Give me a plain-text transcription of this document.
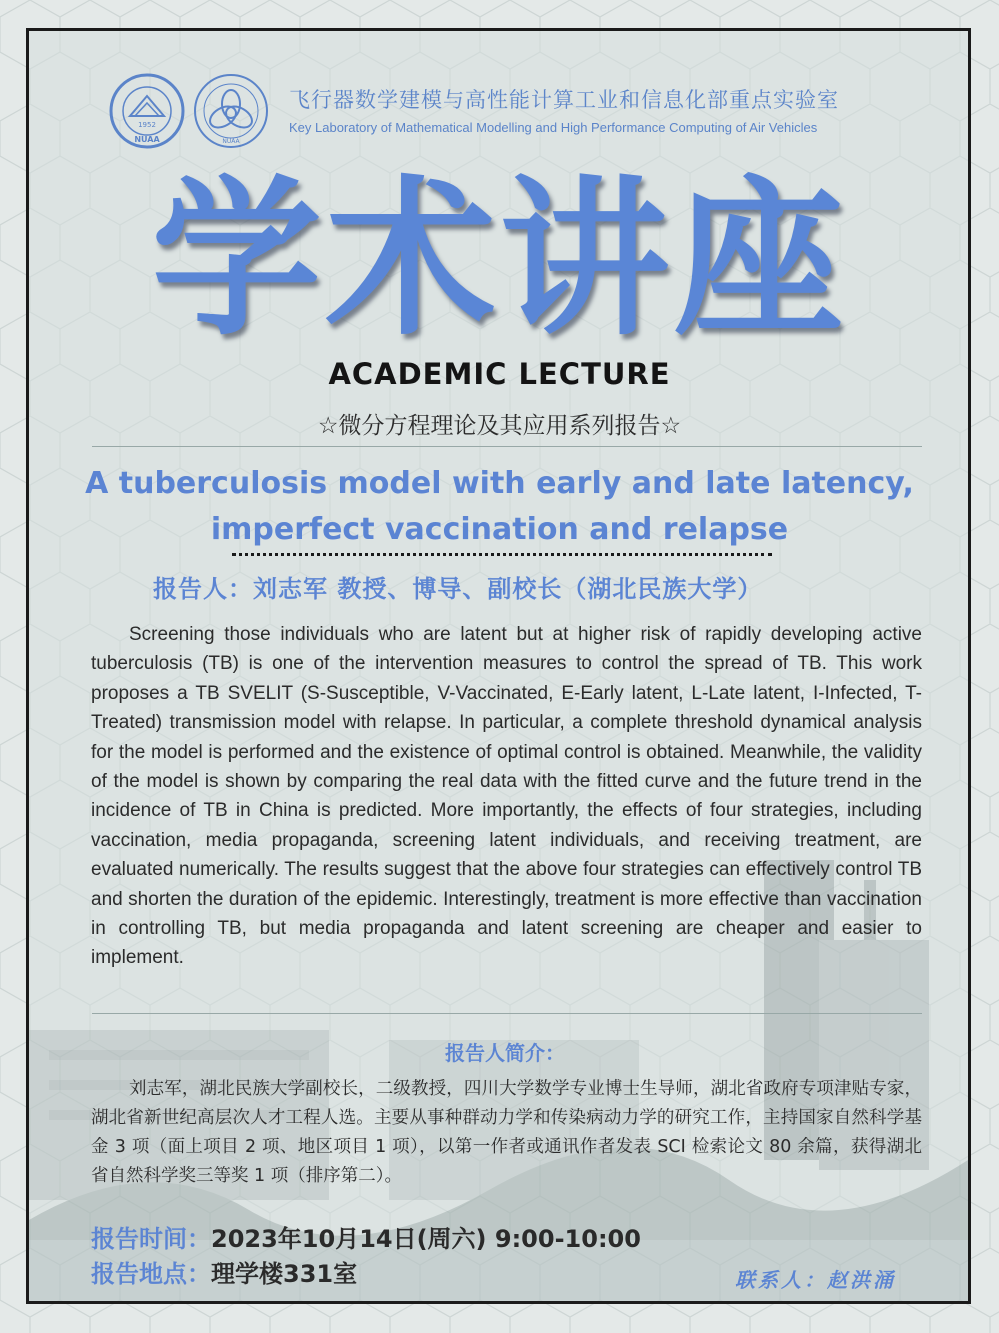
1952
NUAA	NUAA
飞行器数学建模与高性能计算工业和信息化部重点实验室
Key Laboratory of Mathematical Modelling and High Performance Computing of Air Vehicles
学术讲座
ACADEMIC LECTURE
☆微分方程理论及其应用系列报告☆
A tuberculosis model with early and late latency,
imperfect vaccination and relapse
报告人：刘志军 教授、博导、副校长（湖北民族大学）

Screening those individuals who are latent but at higher risk of rapidly developing active tuberculosis (TB) is one of the intervention measures to control the spread of TB. This work proposes a TB SVELIT (S-Susceptible, V-Vaccinated, E-Early latent, L-Late latent, I-Infected, T-Treated) transmission model with relapse. In particular, a complete threshold dynamical analysis for the model is performed and the existence of optimal control is obtained. Meanwhile, the validity of the model is shown by comparing the real data with the fitted curve and the future trend in the incidence of TB in China is predicted. More importantly, the effects of four strategies, including vaccination, media propaganda, screening latent individuals, and receiving treatment, are evaluated numerically. The results suggest that the above four strategies can effectively control TB and shorten the duration of the epidemic. Interestingly, treatment is more effective than vaccination in controlling TB, but media propaganda and latent screening are cheaper and easier to implement.

报告人简介：

刘志军，湖北民族大学副校长，二级教授，四川大学数学专业博士生导师，湖北省政府专项津贴专家，湖北省新世纪高层次人才工程人选。主要从事种群动力学和传染病动力学的研究工作，主持国家自然科学基金 3 项（面上项目 2 项、地区项目 1 项），以第一作者或通讯作者发表 SCI 检索论文 80 余篇，获得湖北省自然科学奖三等奖 1 项（排序第二）。

报告时间：2023年10月14日(周六) 9:00-10:00
报告地点：理学楼331室	联系人：赵洪涌
